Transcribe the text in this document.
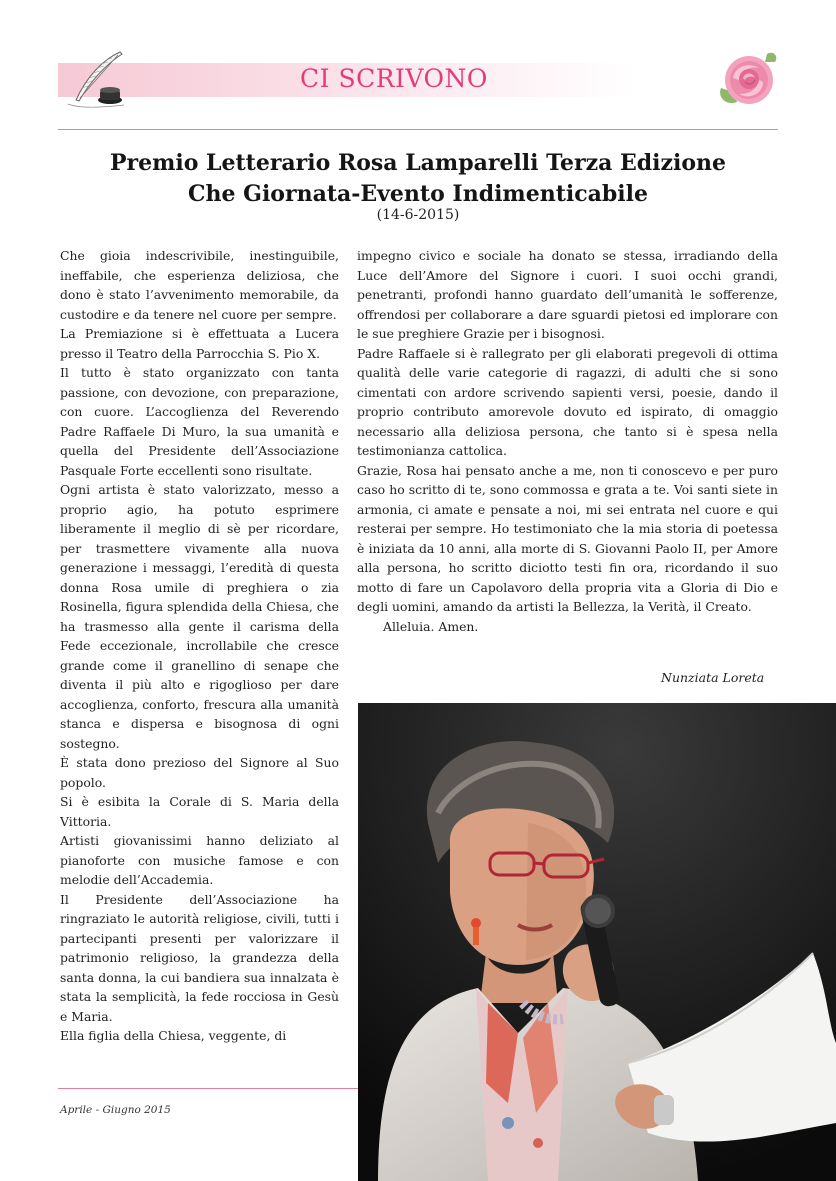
CI SCRIVONO
Premio Letterario Rosa Lamparelli Terza Edizione
Che Giornata-Evento Indimenticabile
(14-6-2015)

Che gioia indescrivibile, inestinguibile, ineffabile, che esperienza deliziosa, che dono è stato l’avvenimento memorabile, da custodire e da tenere nel cuore per sempre.

La Premiazione si è effettuata a Lucera presso il Teatro della Parrocchia S. Pio X.

Il tutto è stato organizzato con tanta passione, con devozione, con preparazione, con cuore. L’accoglienza del Reverendo Padre Raffaele Di Muro, la sua umanità e quella del Presidente dell’Associazione Pasquale Forte eccellenti sono risultate.

Ogni artista è stato valorizzato, messo a proprio agio, ha potuto esprimere liberamente il meglio di sè per ricordare, per trasmettere vivamente alla nuova generazione i messaggi, l’eredità di questa donna Rosa umile di preghiera o zia Rosinella, figura splendida della Chiesa, che ha trasmesso alla gente il carisma della Fede eccezionale, incrollabile che cresce grande come il granellino di senape che diventa il più alto e rigoglioso per dare accoglienza, conforto, frescura alla umanità stanca e dispersa e bisognosa di ogni sostegno.

È stata dono prezioso del Signore al Suo popolo.

Si è esibita la Corale di S. Maria della Vittoria.

Artisti giovanissimi hanno deliziato al pianoforte con musiche famose e con melodie dell’Accademia.

Il Presidente dell’Associazione ha ringraziato le autorità religiose, civili, tutti i partecipanti presenti per valorizzare il patrimonio religioso, la grandezza della santa donna, la cui bandiera sua innalzata è stata la semplicità, la fede rocciosa in Gesù e Maria.

Ella figlia della Chiesa, veggente, di

impegno civico e sociale ha donato se stessa, irradiando della Luce dell’Amore del Signore i cuori. I suoi occhi grandi, penetranti, profondi hanno guardato dell’umanità le sofferenze, offrendosi per collaborare a dare sguardi pietosi ed implorare con le sue preghiere Grazie per i bisognosi.

Padre Raffaele si è rallegrato per gli elaborati pregevoli di ottima qualità delle varie categorie di ragazzi, di adulti che si sono cimentati con ardore scrivendo sapienti versi, poesie, dando il proprio contributo amorevole dovuto ed ispirato, di omaggio necessario alla deliziosa persona, che tanto si è spesa nella testimonianza cattolica.

Grazie, Rosa hai pensato anche a me, non ti conoscevo e per puro caso ho scritto di te, sono commossa e grata a te. Voi santi siete in armonia, ci amate e pensate a noi, mi sei entrata nel cuore e qui resterai per sempre. Ho testimoniato che la mia storia di poetessa è iniziata da 10 anni, alla morte di S. Giovanni Paolo II, per Amore alla persona, ho scritto diciotto testi fin ora, ricordando il suo motto di fare un Capolavoro della propria vita a Gloria di Dio e degli uomini, amando da artisti la Bellezza, la Verità, il Creato.

Alleluia. Amen.

Nunziata Loreta
Aprile - Giugno 2015
